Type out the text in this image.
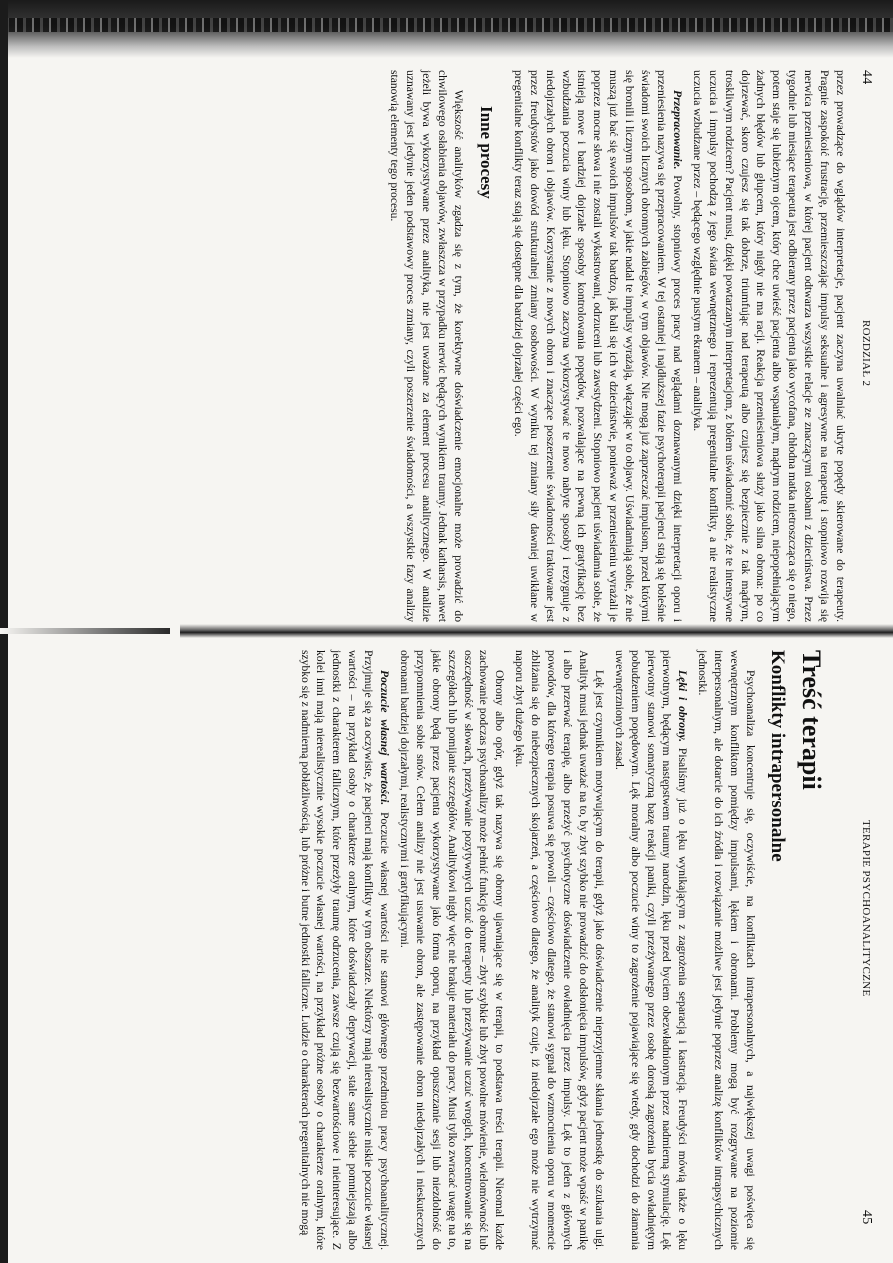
44
ROZDZIAŁ 2

przez prowadzące do wglądów interpretacje, pacjent zaczyna uwalniać ukryte popędy skierowane do terapeuty. Pragnie zaspokoić frustrację, przemieszczając impulsy seksualne i agresywne na terapeutę i stopniowo rozwija się nerwica przeniesieniowa, w której pacjent odtwarza wszystkie relacje ze znaczącymi osobami z dzieciństwa. Przez tygodnie lub miesiące terapeuta jest odbierany przez pacjenta jako wycofana, chłodna matka nietroszcząca się o niego, potem staje się lubieżnym ojcem, który chce uwieść pacjenta albo wspaniałym, mądrym rodzicem, niepopełniającym żadnych błędów lub głupcem, który nigdy nie ma racji. Reakcja przeniesieniowa służy jako silna obrona: po co dojrzewać, skoro czujesz się tak dobrze, triumfując nad terapeutą albo czujesz się bezpiecznie z tak mądrym, troskliwym rodzicem? Pacjent musi, dzięki powtarzanym interpretacjom, z bólem uświadomić sobie, że te intensywne uczucia i impulsy pochodzą z jego świata wewnętrznego i reprezentują pregenitalne konflikty, a nie realistyczne uczucia wzbudzane przez – będącego względnie pustym ekranem – analityka.

Przepracowanie. Powolny, stopniowy proces pracy nad wglądami doznawanymi dzięki interpretacji oporu i przeniesienia nazywa się przepracowaniem. W tej ostatniej i najdłuższej fazie psychoterapii pacjenci stają się boleśnie świadomi swoich licznych obronnych zabiegów, w tym objawów. Nie mogą już zaprzeczać impulsom, przed którymi się bronili i licznym sposobom, w jakie nadal te impulsy wyrażają, włączając w to objawy. Uświadamiają sobie, że nie muszą już bać się swoich impulsów tak bardzo, jak bali się ich w dzieciństwie, ponieważ w przeniesieniu wyrażali je poprzez mocne słowa i nie zostali wykastrowani, odrzuceni lub zawstydzeni. Stopniowo pacjent uświadamia sobie, że istnieją nowe i bardziej dojrzałe sposoby kontrolowania popędów, pozwalające na pewną ich gratyfikację bez wzbudzania poczucia winy lub lęku. Stopniowo zaczyna wykorzystywać te nowo nabyte sposoby i rezygnuje z niedojrzałych obron i objawów. Korzystanie z nowych obron i znaczące poszerzenie świadomości traktowane jest przez freudystów jako dowód strukturalnej zmiany osobowości. W wyniku tej zmiany siły dawniej uwikłane w pregenitalne konflikty teraz stają się dostępne dla bardziej dojrzałej części ego.

Inne procesy

Większość analityków zgadza się z tym, że korektywne doświadczenie emocjonalne może prowadzić do chwilowego osłabienia objawów, zwłaszcza w przypadku nerwic będących wynikiem traumy. Jednak katharsis, nawet jeżeli bywa wykorzystywane przez analityka, nie jest uważane za element procesu analitycznego. W analizie uznawany jest jedynie jeden podstawowy proces zmiany, czyli poszerzenie świadomości, a wszystkie fazy analizy stanowią elementy tego procesu.

TERAPIE PSYCHOANALITYCZNE
45
Treść terapii
Konflikty intrapersonalne

Psychoanaliza koncentruje się, oczywiście, na konfliktach intrapersonalnych, a największej uwagi poświęca się wewnętrznym konfliktom pomiędzy impulsami, lękiem i obronami. Problemy mogą być rozgrywane na poziomie interpersonalnym, ale dotarcie do ich źródła i rozwiązanie możliwe jest jedynie poprzez analizę konfliktów intrapsychicznych jednostki.

Lęki i obrony. Pisaliśmy już o lęku wynikającym z zagrożenia separacją i kastracją. Freudyści mówią także o lęku pierwotnym, będącym następstwem traumy narodzin, lęku przed byciem obezwładnionym przez nadmierną stymulację. Lęk pierwotny stanowi somatyczną bazę reakcji paniki, czyli przeżywanego przez osobę dorosłą zagrożenia bycia owładniętym pobudzeniem popędowym. Lęk moralny albo poczucie winy to zagrożenie pojawiające się wtedy, gdy dochodzi do złamania uwewnętrznionych zasad.

Lęk jest czynnikiem motywującym do terapii, gdyż jako doświadczenie nieprzyjemne skłania jednostkę do szukania ulgi. Analityk musi jednak uważać na to, by zbyt szybko nie prowadzić do odsłonięcia impulsów, gdyż pacjent może wpaść w panikę i albo przerwać terapię, albo przeżyć psychotyczne doświadczenie owładnięcia przez impulsy. Lęk to jeden z głównych powodów, dla którego terapia posuwa się powoli – częściowo dlatego, że stanowi sygnał do wzmocnienia oporu w momencie zbliżania się do niebezpiecznych skojarzeń, a częściowo dlatego, że analityk czuje, iż niedojrzałe ego może nie wytrzymać naporu zbyt dużego lęku.

Obrony albo opór, gdyż tak nazywa się obrony ujawniające się w terapii, to podstawa treści terapii. Nieomal każde zachowanie podczas psychoanalizy może pełnić funkcję obronne – zbyt szybkie lub zbyt powolne mówienie, wielomówność lub oszczędność w słowach, przeżywanie pozytywnych uczuć do terapeuty lub przeżywanie uczuć wrogich, koncentrowanie się na szczegółach lub pomijanie szczegółów. Analitykowi nigdy więc nie brakuje materiału do pracy. Musi tylko zwracać uwagę na to, jakie obrony będą przez pacjenta wykorzystywane jako forma oporu, na przykład opuszczanie sesji lub niezdolność do przypomnienia sobie snów. Celem analizy nie jest usuwanie obron, ale zastępowanie obron niedojrzałych i nieskutecznych obronami bardziej dojrzałymi, realistycznymi i gratyfikującymi.

Poczucie własnej wartości. Poczucie własnej wartości nie stanowi głównego przedmiotu pracy psychoanalitycznej. Przyjmuje się za oczywiste, że pacjenci mają konflikty w tym obszarze. Niektórzy mają nierealistycznie niskie poczucie własnej wartości – na przykład osoby o charakterze oralnym, które doświadczały deprywacji, stale same siebie pomniejszają albo jednostki z charakterem fallicznym, które przeżyły traumę odrzucenia, zawsze czują się bezwartościowe i nieinteresujące. Z kolei inni mają nierealistycznie wysokie poczucie własnej wartości, na przykład próżne osoby o charakterze oralnym, które szybko się z nadmierną pobłażliwością, lub próżne i butne jednostki falliczne. Ludzie o charakterach pregenitalnych nie mogą
